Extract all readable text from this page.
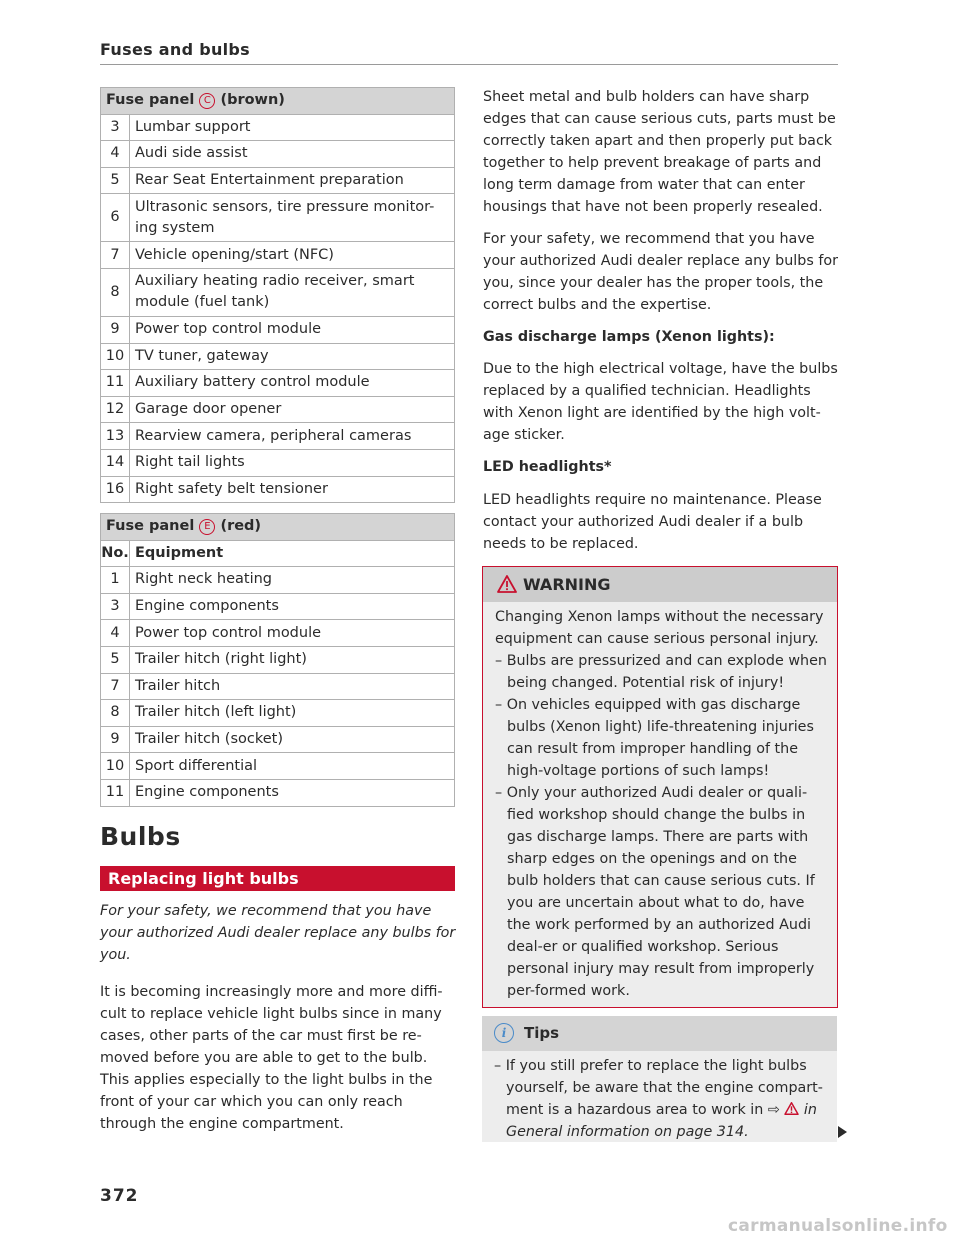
Fuses and bulbs
Fuse panel C (brown)	
3	Lumbar support
4	Audi side assist
5	Rear Seat Entertainment preparation
6	Ultrasonic sensors, tire pressure monitor-ing system
7	Vehicle opening/start (NFC)
8	Auxiliary heating radio receiver, smart module (fuel tank)
9	Power top control module
10	TV tuner, gateway
11	Auxiliary battery control module
12	Garage door opener
13	Rearview camera, peripheral cameras
14	Right tail lights
16	Right safety belt tensioner
Fuse panel E (red)	
No.	Equipment
1	Right neck heating
3	Engine components
4	Power top control module
5	Trailer hitch (right light)
7	Trailer hitch
8	Trailer hitch (left light)
9	Trailer hitch (socket)
10	Sport differential
11	Engine components
Bulbs
Replacing light bulbs

For your safety, we recommend that you have your authorized Audi dealer replace any bulbs for you.

It is becoming increasingly more and more diffi-cult to replace vehicle light bulbs since in many cases, other parts of the car must first be re-moved before you are able to get to the bulb. This applies especially to the light bulbs in the front of your car which you can only reach through the engine compartment.

Sheet metal and bulb holders can have sharp edges that can cause serious cuts, parts must be correctly taken apart and then properly put back together to help prevent breakage of parts and long term damage from water that can enter housings that have not been properly resealed.

For your safety, we recommend that you have your authorized Audi dealer replace any bulbs for you, since your dealer has the proper tools, the correct bulbs and the expertise.

Gas discharge lamps (Xenon lights):

Due to the high electrical voltage, have the bulbs replaced by a qualified technician. Headlights with Xenon light are identified by the high volt-age sticker.

LED headlights*

LED headlights require no maintenance. Please contact your authorized Audi dealer if a bulb needs to be replaced.

WARNING

Changing Xenon lamps without the necessary equipment can cause serious personal injury.

– Bulbs are pressurized and can explode when being changed. Potential risk of injury!

– On vehicles equipped with gas discharge bulbs (Xenon light) life-threatening injuries can result from improper handling of the high-voltage portions of such lamps!

– Only your authorized Audi dealer or quali-fied workshop should change the bulbs in gas discharge lamps. There are parts with sharp edges on the openings and on the bulb holders that can cause serious cuts. If you are uncertain about what to do, have the work performed by an authorized Audi deal-er or qualified workshop. Serious personal injury may result from improperly per-formed work.

i Tips

– If you still prefer to replace the light bulbs yourself, be aware that the engine compart-ment is a hazardous area to work in ⇨ in General information on page 314.

372
carmanualsonline.info
